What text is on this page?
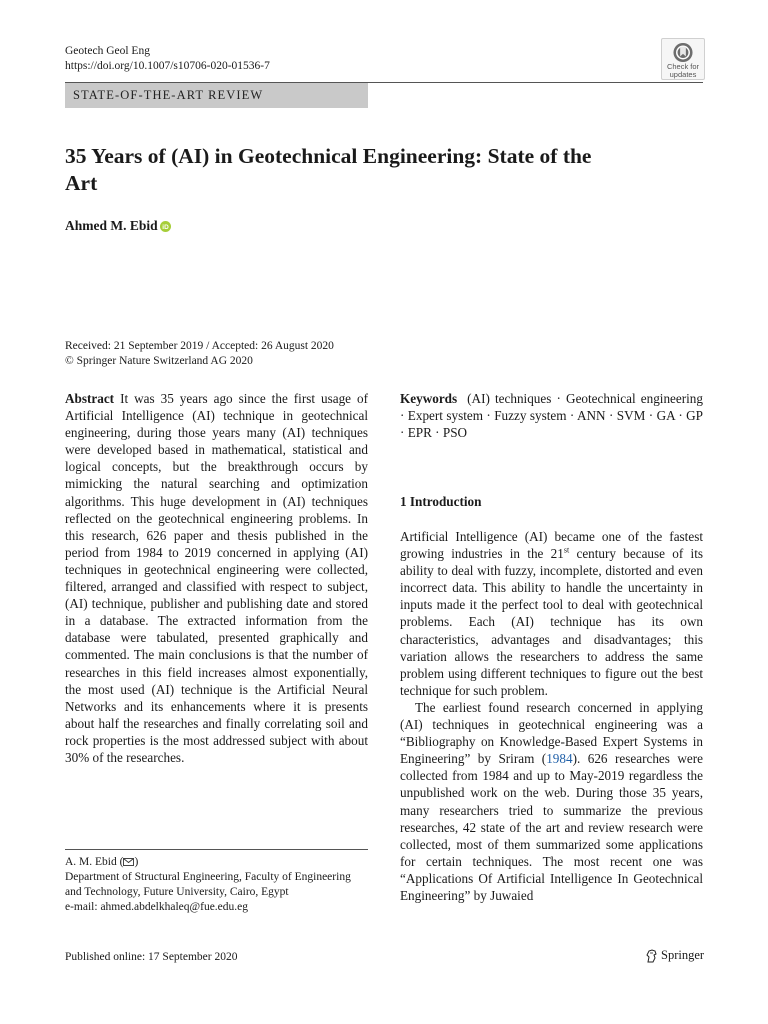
Geotech Geol Eng
https://doi.org/10.1007/s10706-020-01536-7	Check for updates
STATE-OF-THE-ART REVIEW
35 Years of (AI) in Geotechnical Engineering: State of the Art
Ahmed M. Ebid iD
Received: 21 September 2019 / Accepted: 26 August 2020
© Springer Nature Switzerland AG 2020
Abstract It was 35 years ago since the first usage of Artificial Intelligence (AI) technique in geotechnical engineering, during those years many (AI) techniques were developed based in mathematical, statistical and logical concepts, but the breakthrough occurs by mimicking the natural searching and optimization algorithms. This huge development in (AI) techniques reflected on the geotechnical engineering problems. In this research, 626 paper and thesis published in the period from 1984 to 2019 concerned in applying (AI) techniques in geotechnical engineering were collected, filtered, arranged and classified with respect to subject, (AI) technique, publisher and publishing date and stored in a database. The extracted information from the database were tabulated, presented graphically and commented. The main conclusions is that the number of researches in this field increases almost exponentially, the most used (AI) technique is the Artificial Neural Networks and its enhancements where it is presents about half the researches and finally correlating soil and rock properties is the most addressed subject with about 30% of the researches.
Keywords (AI) techniques · Geotechnical engineering · Expert system · Fuzzy system · ANN · SVM · GA · GP · EPR · PSO
1 Introduction

Artificial Intelligence (AI) became one of the fastest growing industries in the 21st century because of its ability to deal with fuzzy, incomplete, distorted and even incorrect data. This ability to handle the uncertainty in inputs made it the perfect tool to deal with geotechnical problems. Each (AI) technique has its own characteristics, advantages and disadvantages; this variation allows the researchers to address the same problem using different techniques to figure out the best technique for such problem.

The earliest found research concerned in applying (AI) techniques in geotechnical engineering was a “Bibliography on Knowledge-Based Expert Systems in Engineering” by Sriram (1984). 626 researches were collected from 1984 and up to May-2019 regardless the unpublished work on the web. During those 35 years, many researchers tried to summarize the previous researches, 42 state of the art and review research were collected, most of them summarized some applications for certain techniques. The most recent one was “Applications Of Artificial Intelligence In Geotechnical Engineering” by Juwaied

A. M. Ebid ( )
Department of Structural Engineering, Faculty of Engineering and Technology, Future University, Cairo, Egypt
e-mail: ahmed.abdelkhaleq@fue.edu.eg
Published online: 17 September 2020	Springer
